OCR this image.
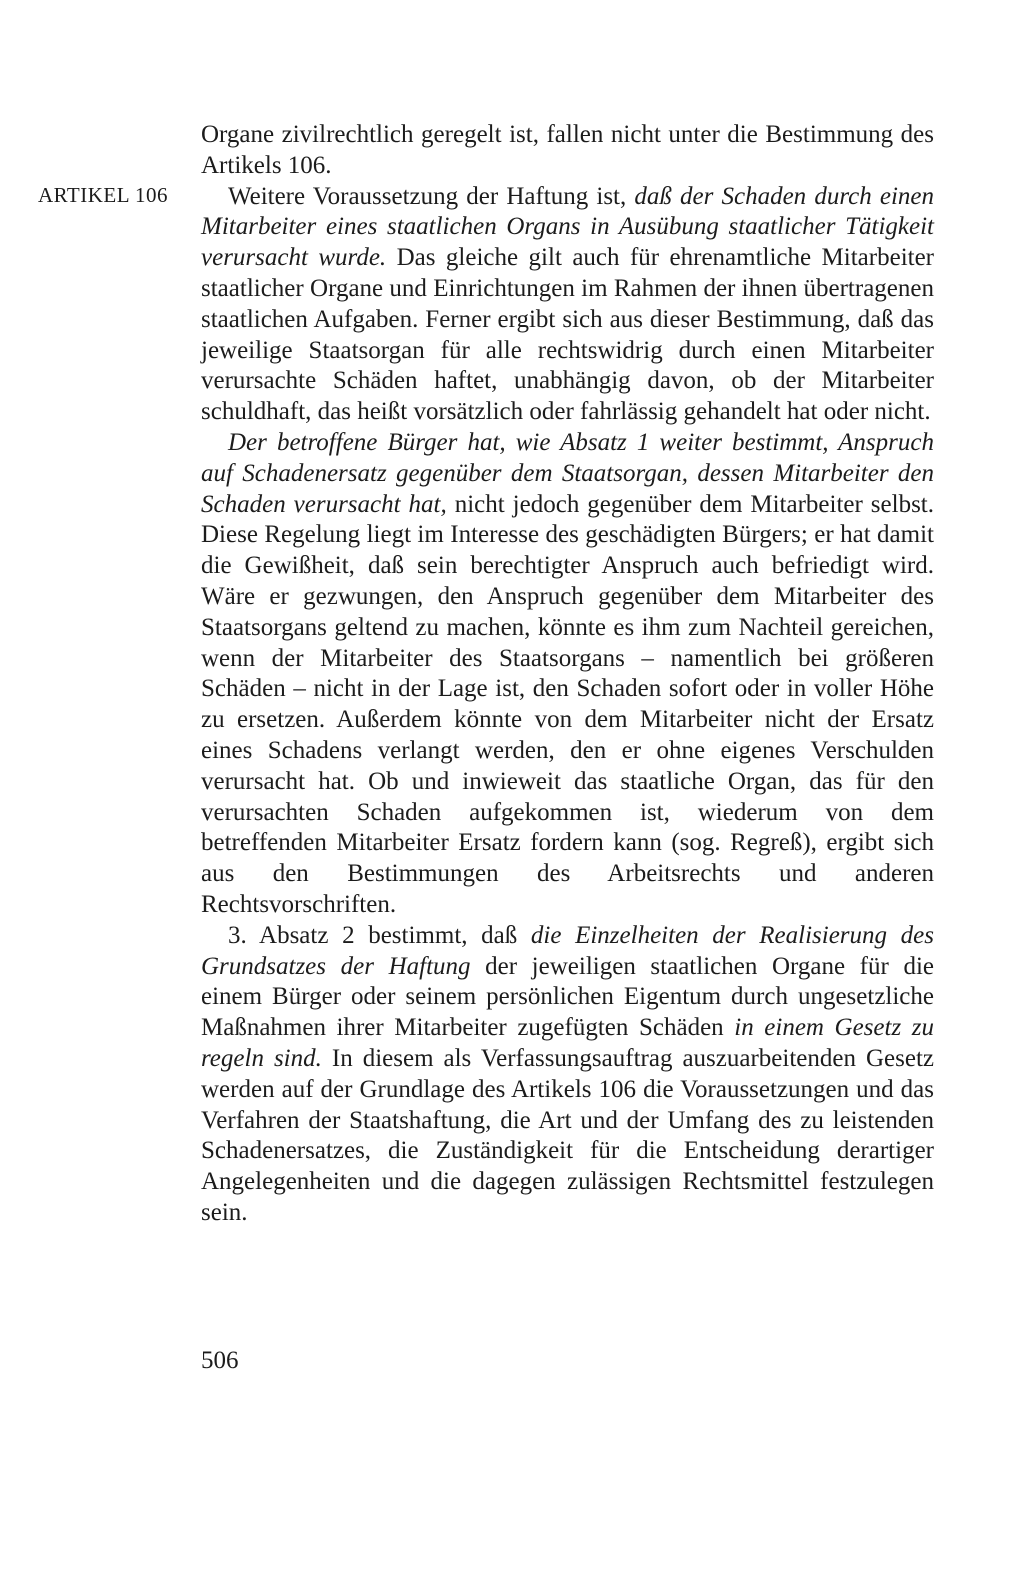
ARTIKEL 106

Organe zivilrechtlich geregelt ist, fallen nicht unter die Bestimmung des Artikels 106.

Weitere Voraussetzung der Haftung ist, daß der Schaden durch einen Mitarbeiter eines staatlichen Organs in Ausübung staatlicher Tätigkeit verursacht wurde. Das gleiche gilt auch für ehrenamtliche Mitarbeiter staatlicher Organe und Einrichtungen im Rahmen der ihnen übertragenen staatlichen Aufgaben. Ferner ergibt sich aus dieser Bestimmung, daß das jeweilige Staatsorgan für alle rechtswidrig durch einen Mitarbeiter verursachte Schäden haftet, unabhängig davon, ob der Mitarbeiter schuldhaft, das heißt vorsätzlich oder fahrlässig gehandelt hat oder nicht.

Der betroffene Bürger hat, wie Absatz 1 weiter bestimmt, Anspruch auf Schadenersatz gegenüber dem Staatsorgan, dessen Mitarbeiter den Schaden verursacht hat, nicht jedoch gegenüber dem Mitarbeiter selbst. Diese Regelung liegt im Interesse des geschädigten Bürgers; er hat damit die Gewißheit, daß sein berechtigter Anspruch auch befriedigt wird. Wäre er gezwungen, den Anspruch gegenüber dem Mitarbeiter des Staatsorgans geltend zu machen, könnte es ihm zum Nachteil gereichen, wenn der Mitarbeiter des Staatsorgans – namentlich bei größeren Schäden – nicht in der Lage ist, den Schaden sofort oder in voller Höhe zu ersetzen. Außerdem könnte von dem Mitarbeiter nicht der Ersatz eines Schadens verlangt werden, den er ohne eigenes Verschulden verursacht hat. Ob und inwieweit das staatliche Organ, das für den verursachten Schaden aufgekommen ist, wiederum von dem betreffenden Mitarbeiter Ersatz fordern kann (sog. Regreß), ergibt sich aus den Bestimmungen des Arbeitsrechts und anderen Rechtsvorschriften.

3. Absatz 2 bestimmt, daß die Einzelheiten der Realisierung des Grundsatzes der Haftung der jeweiligen staatlichen Organe für die einem Bürger oder seinem persönlichen Eigentum durch ungesetzliche Maßnahmen ihrer Mitarbeiter zugefügten Schäden in einem Gesetz zu regeln sind. In diesem als Verfassungsauftrag auszuarbeitenden Gesetz werden auf der Grundlage des Artikels 106 die Voraussetzungen und das Verfahren der Staatshaftung, die Art und der Umfang des zu leistenden Schadenersatzes, die Zuständigkeit für die Entscheidung derartiger Angelegenheiten und die dagegen zulässigen Rechtsmittel festzulegen sein.

506
